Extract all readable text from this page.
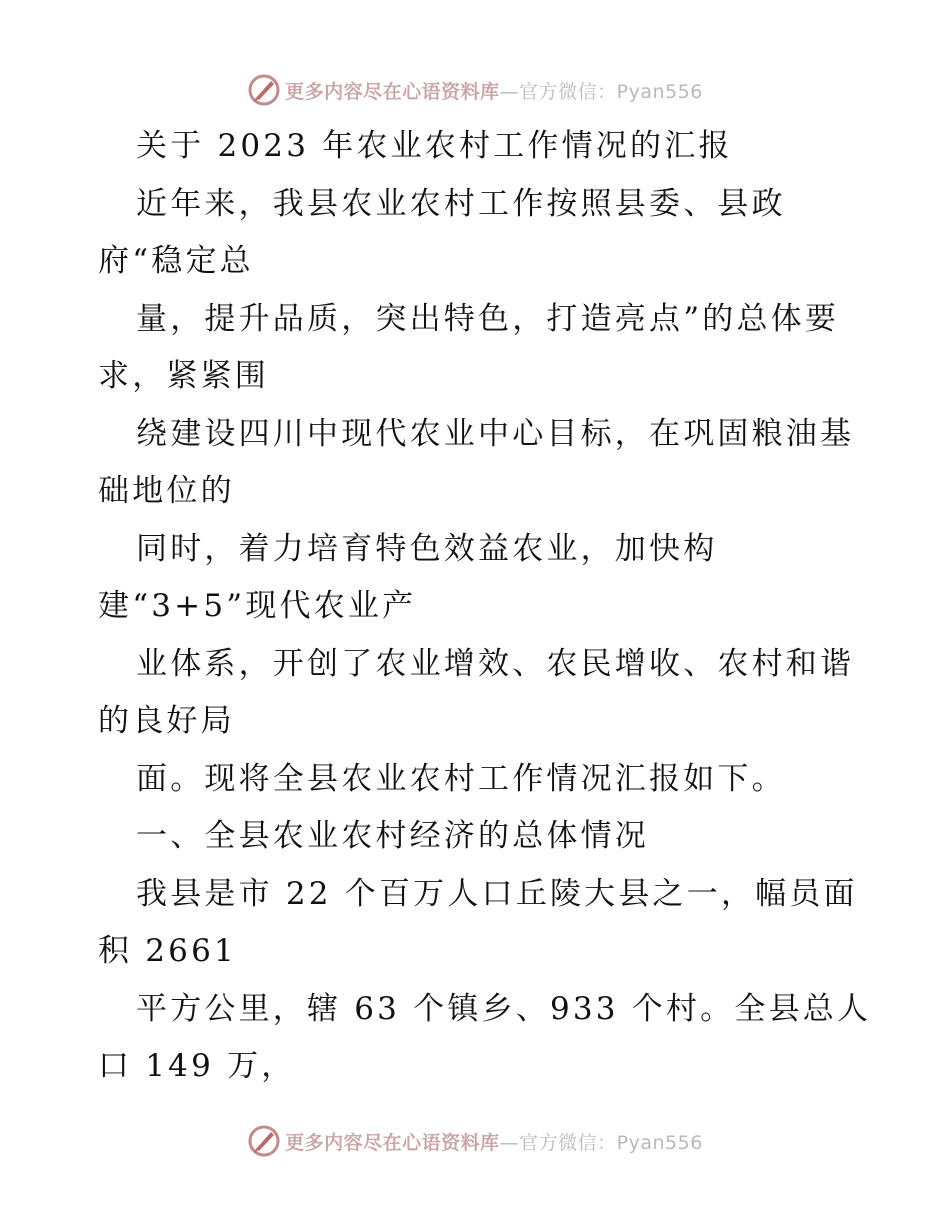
更多内容尽在心语资料库 —官方微信：Pyan556
关于 2023 年农业农村工作情况的汇报
近年来，我县农业农村工作按照县委、县政
府“稳定总
量，提升品质，突出特色，打造亮点”的总体要
求，紧紧围
绕建设四川中现代农业中心目标，在巩固粮油基
础地位的
同时，着力培育特色效益农业，加快构
建“3+5”现代农业产
业体系，开创了农业增效、农民增收、农村和谐
的良好局
面。现将全县农业农村工作情况汇报如下。
一、全县农业农村经济的总体情况
我县是市 22 个百万人口丘陵大县之一，幅员面
积 2661
平方公里，辖 63 个镇乡、933 个村。全县总人
口 149 万，
更多内容尽在心语资料库 —官方微信：Pyan556
